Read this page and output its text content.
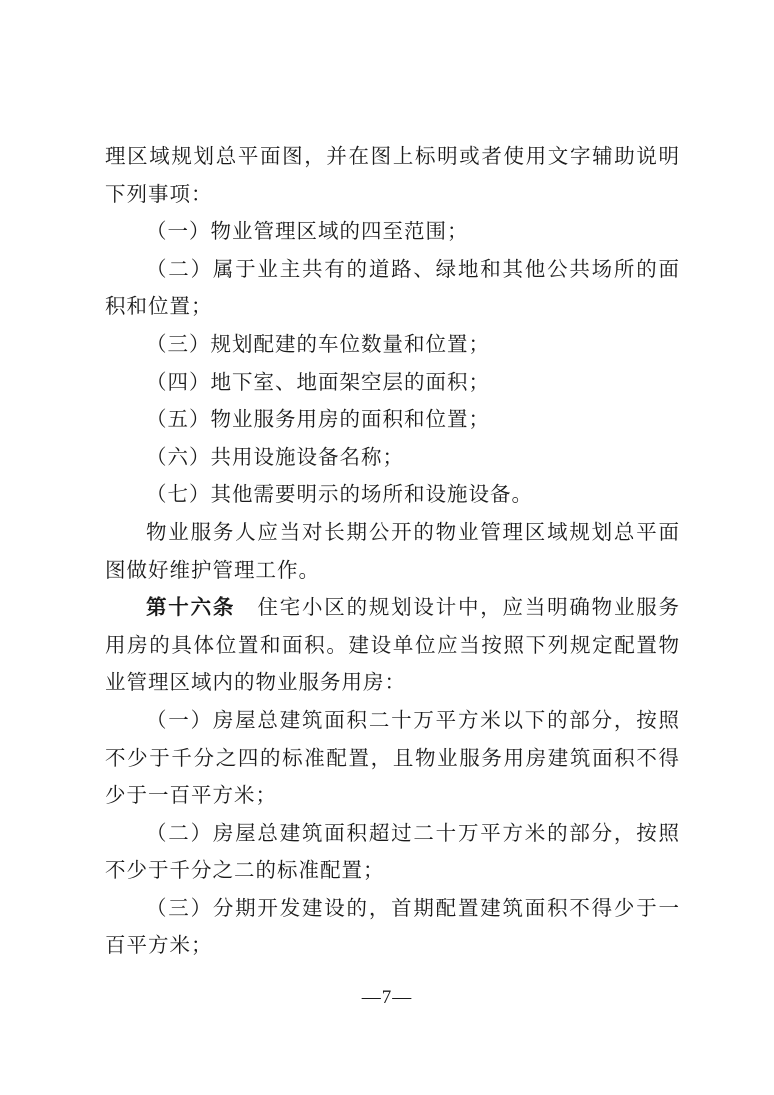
理区域规划总平面图，并在图上标明或者使用文字辅助说明下列事项：

（一）物业管理区域的四至范围；

（二）属于业主共有的道路、绿地和其他公共场所的面积和位置；

（三）规划配建的车位数量和位置；

（四）地下室、地面架空层的面积；

（五）物业服务用房的面积和位置；

（六）共用设施设备名称；

（七）其他需要明示的场所和设施设备。

物业服务人应当对长期公开的物业管理区域规划总平面图做好维护管理工作。

第十六条　 住宅小区的规划设计中，应当明确物业服务用房的具体位置和面积。建设单位应当按照下列规定配置物业管理区域内的物业服务用房：

（一）房屋总建筑面积二十万平方米以下的部分，按照不少于千分之四的标准配置，且物业服务用房建筑面积不得少于一百平方米；

（二）房屋总建筑面积超过二十万平方米的部分，按照不少于千分之二的标准配置；

（三）分期开发建设的，首期配置建筑面积不得少于一百平方米；

—7—
